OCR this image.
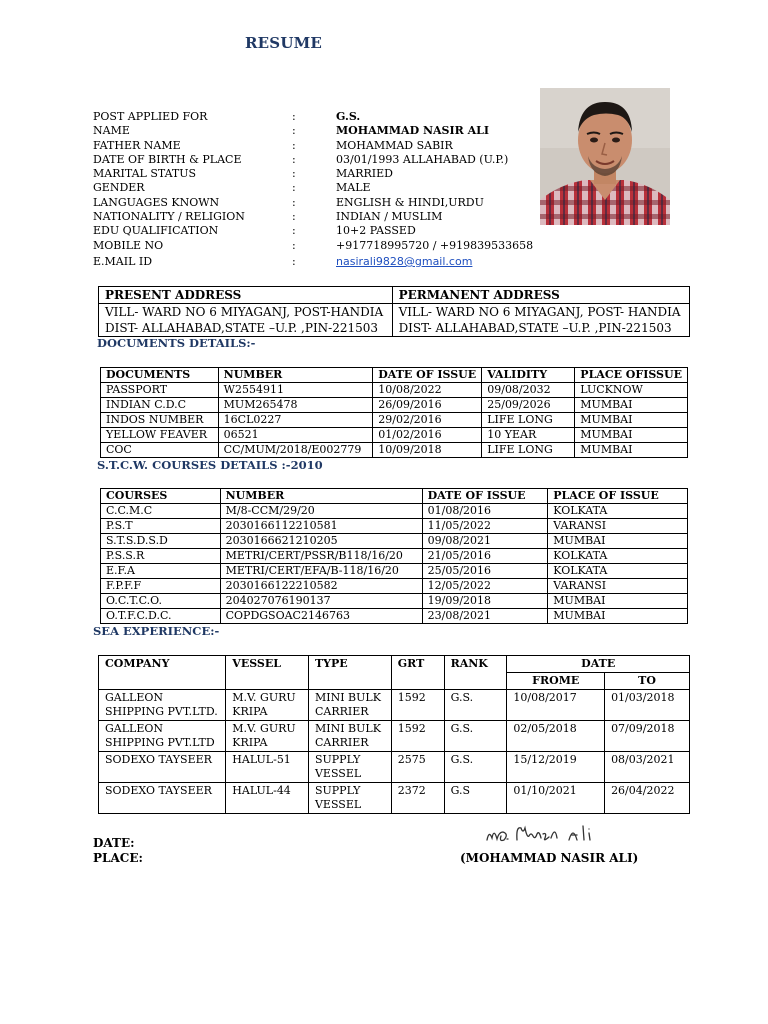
RESUME
POST APPLIED FOR	:	G.S.
NAME	:	MOHAMMAD NASIR ALI
FATHER NAME	:	MOHAMMAD SABIR
DATE OF BIRTH & PLACE	:	03/01/1993 ALLAHABAD (U.P.)
MARITAL STATUS	:	MARRIED
GENDER	:	MALE
LANGUAGES KNOWN	:	ENGLISH & HINDI,URDU
NATIONALITY / RELIGION	:	INDIAN / MUSLIM
EDU QUALIFICATION	:	10+2 PASSED
MOBILE NO	:	+917718995720 / +919839533658
E.MAIL ID	:	nasirali9828@gmail.com
PRESENT ADDRESS	PERMANENT ADDRESS
VILL- WARD NO 6 MIYAGANJ, POST-HANDIA	VILL- WARD NO 6 MIYAGANJ, POST- HANDIA
DIST- ALLAHABAD,STATE –U.P. ,PIN-221503	DIST- ALLAHABAD,STATE –U.P. ,PIN-221503
DOCUMENTS DETAILS:-
DOCUMENTS	NUMBER	DATE OF ISSUE	VALIDITY	PLACE OFISSUE
PASSPORT	W2554911	10/08/2022	09/08/2032	LUCKNOW
INDIAN C.D.C	MUM265478	26/09/2016	25/09/2026	MUMBAI
INDOS NUMBER	16CL0227	29/02/2016	LIFE LONG	MUMBAI
YELLOW FEAVER	06521	01/02/2016	10 YEAR	MUMBAI
COC	CC/MUM/2018/E002779	10/09/2018	LIFE LONG	MUMBAI
S.T.C.W. COURSES DETAILS :-2010
COURSES	NUMBER	DATE OF ISSUE	PLACE OF ISSUE
C.C.M.C	M/8-CCM/29/20	01/08/2016	KOLKATA
P.S.T	2030166112210581	11/05/2022	VARANSI
S.T.S.D.S.D	2030166621210205	09/08/2021	MUMBAI
P.S.S.R	METRI/CERT/PSSR/B118/16/20	21/05/2016	KOLKATA
E.F.A	METRI/CERT/EFA/B-118/16/20	25/05/2016	KOLKATA
F.P.F.F	2030166122210582	12/05/2022	VARANSI
O.C.T.C.O.	204027076190137	19/09/2018	MUMBAI
O.T.F.C.D.C.	COPDGSOAC2146763	23/08/2021	MUMBAI
SEA EXPERIENCE:-
COMPANY	VESSEL	TYPE	GRT	RANK	DATE	
					FROME	TO
GALLEON SHIPPING PVT.LTD.	M.V. GURU KRIPA	MINI BULK CARRIER	1592	G.S.	10/08/2017	01/03/2018
GALLEON SHIPPING PVT.LTD	M.V. GURU KRIPA	MINI BULK CARRIER	1592	G.S.	02/05/2018	07/09/2018
SODEXO TAYSEER	HALUL-51	SUPPLY VESSEL	2575	G.S.	15/12/2019	08/03/2021
SODEXO TAYSEER	HALUL-44	SUPPLY VESSEL	2372	G.S	01/10/2021	26/04/2022
DATE:
PLACE:	(MOHAMMAD NASIR ALI)
